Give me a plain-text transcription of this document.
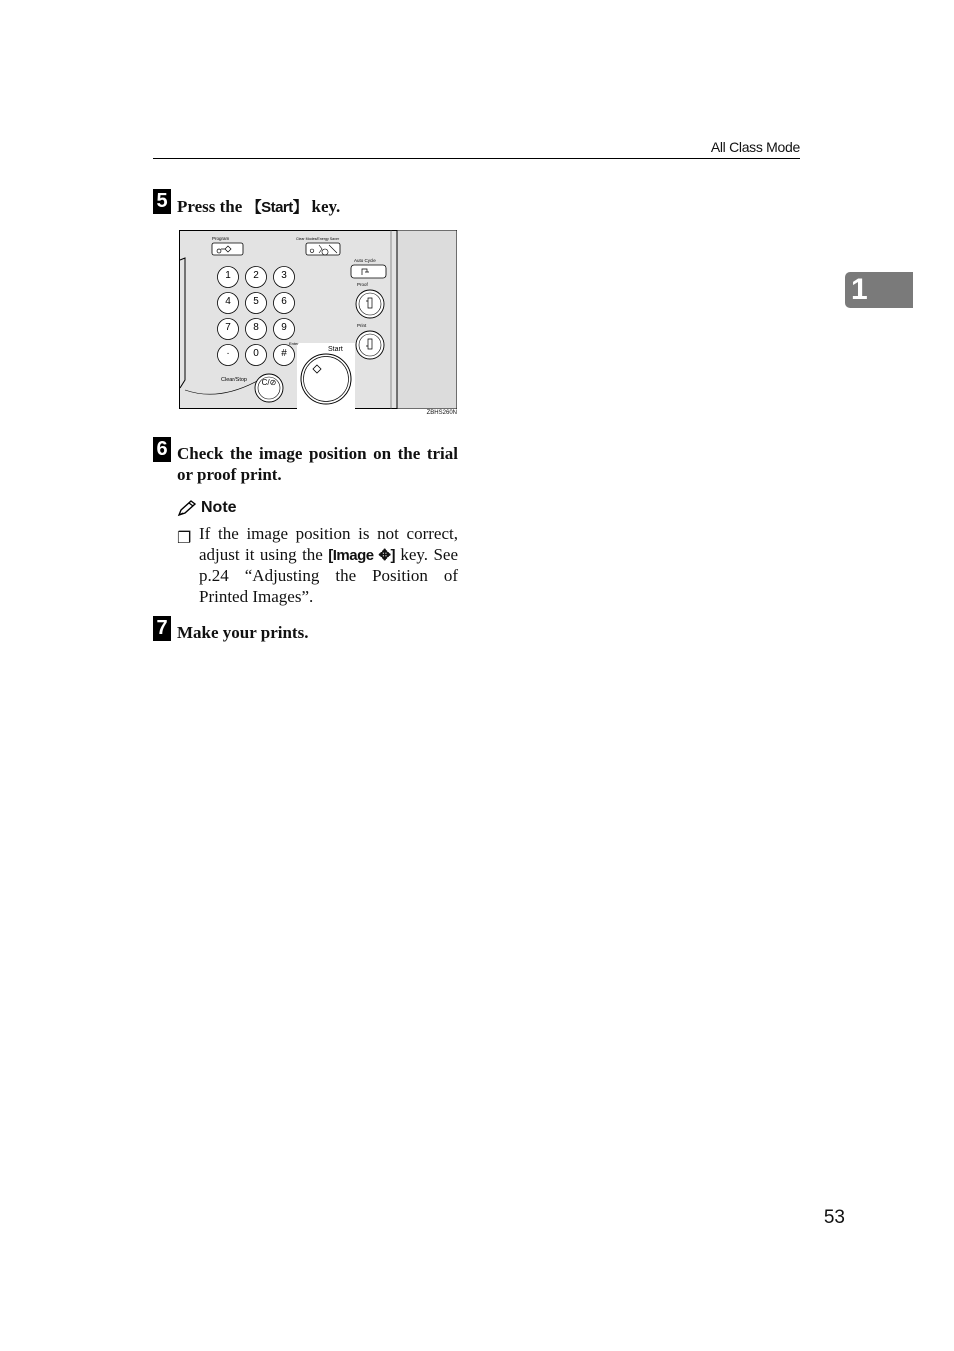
All Class Mode
1
5 Press the 【Start】 key.
Program	Clear Modes/Energy Saver
Auto Cycle
Proof
Print
1 2 3
4 5 6
7 8 9
· 0 #
Enter
Clear/Stop C/⊘
Start
ZBHS260N
6 Check the image position on the trial or proof print.
Note
❐ If the image position is not correct, adjust it using the [Image ✥] key. See p.24 “Adjusting the Position of Printed Images”.
7 Make your prints.
53
